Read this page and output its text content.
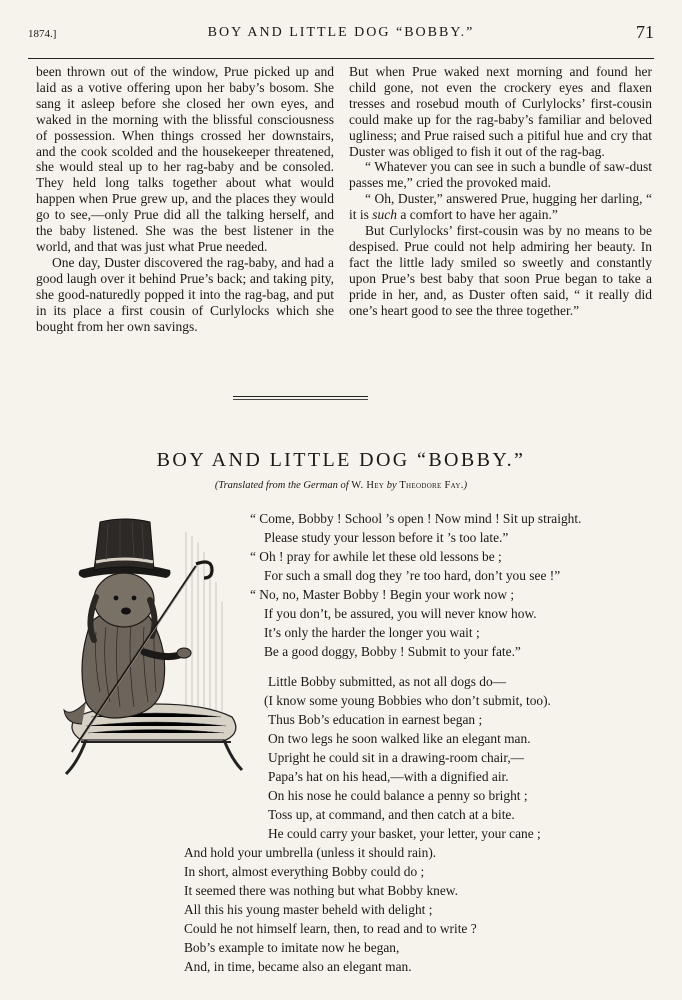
1874.]	BOY AND LITTLE DOG “BOBBY.”	71

been thrown out of the window, Prue picked up and laid as a votive offering upon her baby’s bosom. She sang it asleep before she closed her own eyes, and waked in the morning with the blissful consciousness of possession. When things crossed her downstairs, and the cook scolded and the housekeeper threatened, she would steal up to her rag-baby and be consoled. They held long talks together about what would happen when Prue grew up, and the places they would go to see,—only Prue did all the talking herself, and the baby listened. She was the best listener in the world, and that was just what Prue needed.

One day, Duster discovered the rag-baby, and had a good laugh over it behind Prue’s back; and taking pity, she good-naturedly popped it into the rag-bag, and put in its place a first cousin of Curlylocks which she bought from her own savings.

But when Prue waked next morning and found her child gone, not even the crockery eyes and flaxen tresses and rosebud mouth of Curlylocks’ first-cousin could make up for the rag-baby’s familiar and beloved ugliness; and Prue raised such a pitiful hue and cry that Duster was obliged to fish it out of the rag-bag.

“ Whatever you can see in such a bundle of saw-dust passes me,” cried the provoked maid.

“ Oh, Duster,” answered Prue, hugging her darling, “ it is such a comfort to have her again.”

But Curlylocks’ first-cousin was by no means to be despised. Prue could not help admiring her beauty. In fact the little lady smiled so sweetly and constantly upon Prue’s best baby that soon Prue began to take a pride in her, and, as Duster often said, “ it really did one’s heart good to see the three together.”

BOY AND LITTLE DOG “BOBBY.”
(Translated from the German of W. Hey by Theodore Fay.)
“ Come, Bobby ! School ’s open ! Now mind ! Sit up straight.
Please study your lesson before it ’s too late.”
“ Oh ! pray for awhile let these old lessons be ;
For such a small dog they ’re too hard, don’t you see !”
“ No, no, Master Bobby ! Begin your work now ;
If you don’t, be assured, you will never know how.
It’s only the harder the longer you wait ;
Be a good doggy, Bobby ! Submit to your fate.”
Little Bobby submitted, as not all dogs do—
(I know some young Bobbies who don’t submit, too).
Thus Bob’s education in earnest began ;
On two legs he soon walked like an elegant man.
Upright he could sit in a drawing-room chair,—
Papa’s hat on his head,—with a dignified air.
On his nose he could balance a penny so bright ;
Toss up, at command, and then catch at a bite.
He could carry your basket, your letter, your cane ;
And hold your umbrella (unless it should rain).
In short, almost everything Bobby could do ;
It seemed there was nothing but what Bobby knew.
All this his young master beheld with delight ;
Could he not himself learn, then, to read and to write ?
Bob’s example to imitate now he began,
And, in time, became also an elegant man.
